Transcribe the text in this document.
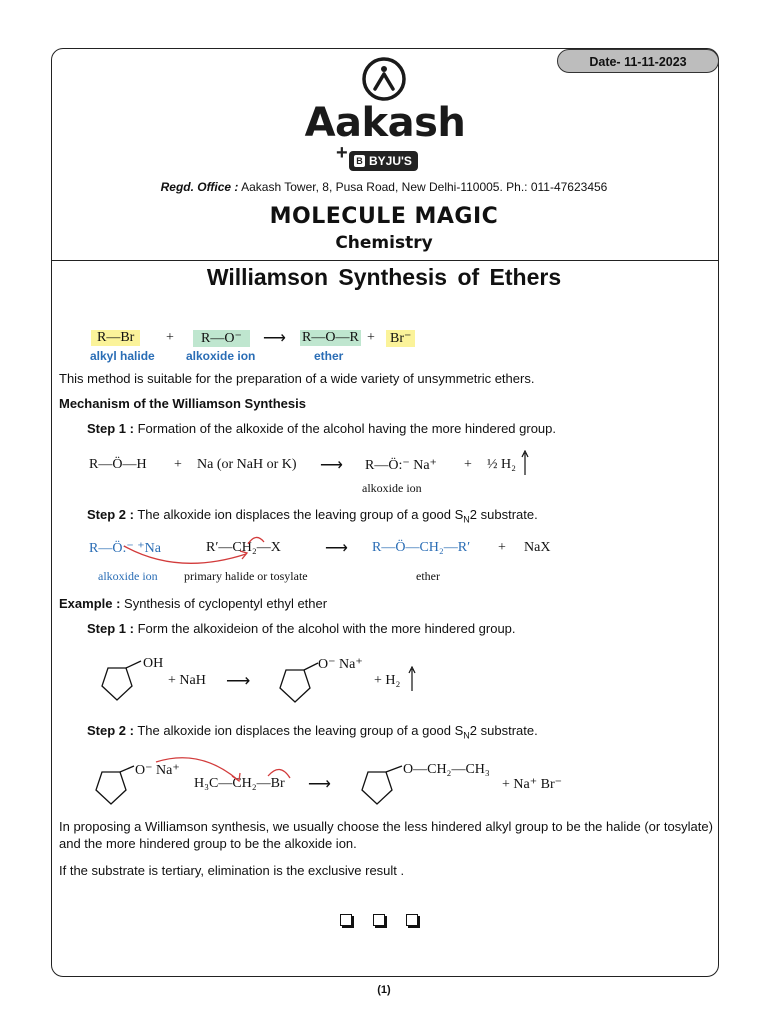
Date- 11-11-2023
Aakash
+ B BYJU'S
Regd. Office : Aakash Tower, 8, Pusa Road, New Delhi-110005. Ph.: 011-47623456
MOLECULE MAGIC
Chemistry
Williamson Synthesis of Ethers
R—Br	+	R—O⁻	⟶ R—O—R + Br⁻
alkyl halide	alkoxide ion	ether
This method is suitable for the preparation of a wide variety of unsymmetric ethers.
Mechanism of the Williamson Synthesis
Step 1 : Formation of the alkoxide of the alcohol having the more hindered group.
R—Ö—H + Na (or NaH or K) ⟶ R—Ö:⁻ Na⁺ + ½ H₂
alkoxide ion
Step 2 : The alkoxide ion displaces the leaving group of a good $S_N2$ substrate.
R—Ö:⁻ ⁺Na	R′—CH₂—X	⟶ R—Ö—CH₂—R′ + NaX
alkoxide ion primary halide or tosylate	ether
Example : Synthesis of cyclopentyl ethyl ether
Step 1 : Form the alkoxideion of the alcohol with the more hindered group.
OH
+ NaH ⟶
O⁻ Na⁺
+ H₂
Step 2 : The alkoxide ion displaces the leaving group of a good $S_N2$ substrate.
O⁻ Na⁺
H₃C—CH₂—Br ⟶
O—CH₂—CH₃
+ Na⁺ Br⁻
In proposing a Williamson synthesis, we usually choose the less hindered alkyl group to be the halide (or tosylate) and the more hindered group to be the alkoxide ion.
If the substrate is tertiary, elimination is the exclusive result .
(1)
